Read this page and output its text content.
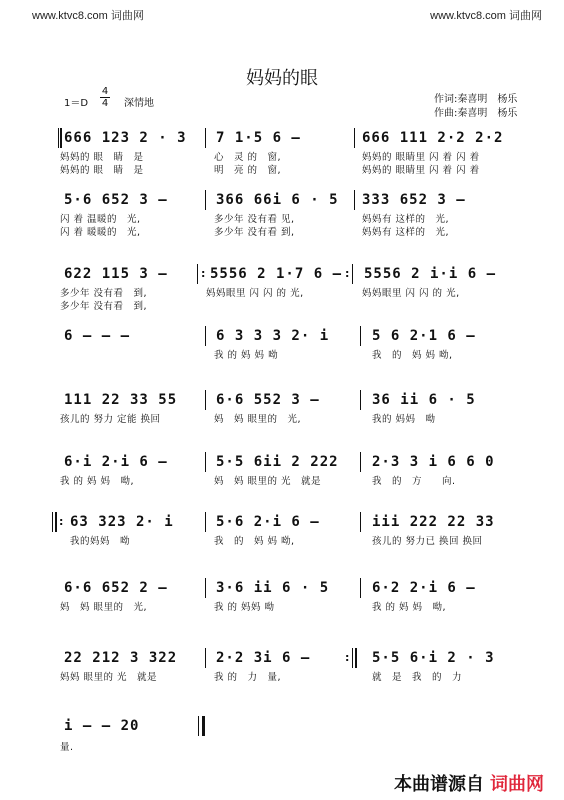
www.ktvc8.com 词曲网	www.ktvc8.com 词曲网
妈妈的眼
1＝D
4

4 深情地	作词:秦喜明　杨乐
作曲:秦喜明　杨乐
666 123 2 · 3 7 1·5 6 –	666 111 2·2 2·2
妈妈的 眼　睛　是	心　灵 的　窗,	妈妈的 眼睛里 闪 着 闪 着
妈妈的 眼　睛　是	明　亮 的　窗,	妈妈的 眼睛里 闪 着 闪 着
5·6 652 3 –	366 66i 6 · 5 333 652 3 –
闪 着 温暖的　光,	多少年 没有看 见,	妈妈有 这样的　光,
闪 着 暖暖的　光,	多少年 没有看 到,	妈妈有 这样的　光,
622 115 3 –	: 5556 2 1·7 6 – : 5556 2 i·i 6 –
多少年 没有看　到,	妈妈眼里 闪 闪 的 光,	妈妈眼里 闪 闪 的 光,
多少年 没有看　到,
6 – – –	6 3 3 3 2· i	5 6 2·1 6 –
我 的 妈 妈 呦	我　的　妈 妈 呦,
111 22 33 55	6·6 552 3 –	36 ii 6 · 5
孩儿的 努力 定能 换回	妈　妈 眼里的　光,	我的 妈妈　呦
6·i 2·i 6 –	5·5 6ii 2 222 2·3 3 i 6 6 0
我 的 妈 妈　呦,	妈　妈 眼里的 光　就是	我　的　方　　向.
: 63 323 2· i	5·6 2·i 6 –	iii 222 22 33
我的妈妈　呦	我　的　妈 妈 呦,	孩儿的 努力已 换回 换回
6·6 652 2 –	3·6 ii 6 · 5	6·2 2·i 6 –
妈　妈 眼里的　光,	我 的 妈妈 呦	我 的 妈 妈　呦,
22 212 3 322	2·2 3i 6 –	: 5·5 6·i 2 · 3
妈妈 眼里的 光　就是	我 的　力　量,	就　是　我　的　力
i – – 20
量.
本曲谱源自 词曲网
